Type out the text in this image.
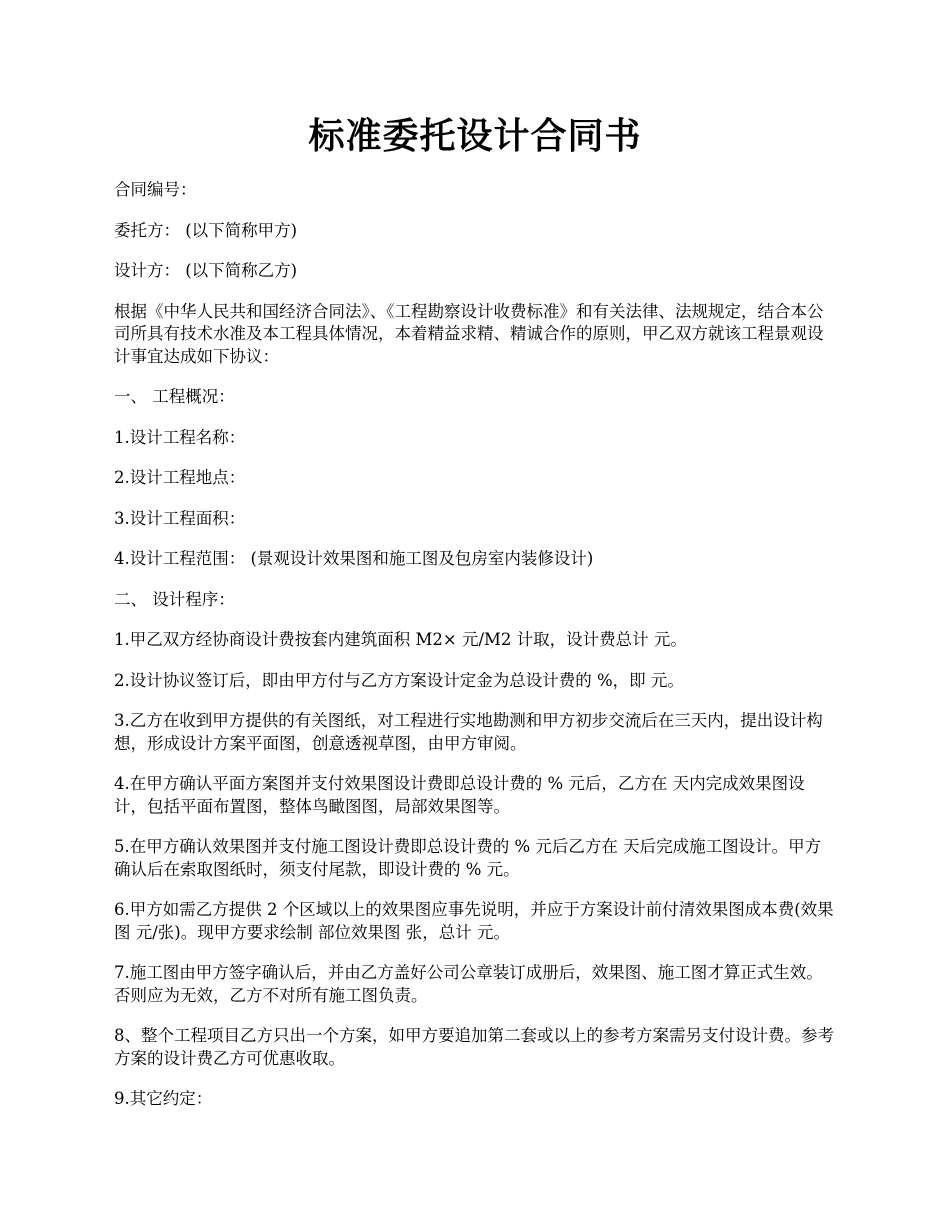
标准委托设计合同书

合同编号：

委托方： (以下简称甲方)

设计方： (以下简称乙方)

根据《中华人民共和国经济合同法》、《工程勘察设计收费标准》和有关法律、法规规定，结合本公司所具有技术水准及本工程具体情况，本着精益求精、精诚合作的原则，甲乙双方就该工程景观设计事宜达成如下协议：

一、 工程概况：

1.设计工程名称：

2.设计工程地点：

3.设计工程面积：

4.设计工程范围： (景观设计效果图和施工图及包房室内装修设计)

二、 设计程序：

1.甲乙双方经协商设计费按套内建筑面积 M2× 元/M2 计取，设计费总计 元。

2.设计协议签订后，即由甲方付与乙方方案设计定金为总设计费的 %，即 元。

3.乙方在收到甲方提供的有关图纸，对工程进行实地勘测和甲方初步交流后在三天内，提出设计构想，形成设计方案平面图，创意透视草图，由甲方审阅。

4.在甲方确认平面方案图并支付效果图设计费即总设计费的 % 元后，乙方在 天内完成效果图设计，包括平面布置图，整体鸟瞰图图，局部效果图等。

5.在甲方确认效果图并支付施工图设计费即总设计费的 % 元后乙方在 天后完成施工图设计。甲方确认后在索取图纸时，须支付尾款，即设计费的 % 元。

6.甲方如需乙方提供 2 个区域以上的效果图应事先说明，并应于方案设计前付清效果图成本费(效果图 元/张)。现甲方要求绘制 部位效果图 张，总计 元。

7.施工图由甲方签字确认后，并由乙方盖好公司公章装订成册后，效果图、施工图才算正式生效。否则应为无效，乙方不对所有施工图负责。

8、整个工程项目乙方只出一个方案，如甲方要追加第二套或以上的参考方案需另支付设计费。参考方案的设计费乙方可优惠收取。

9.其它约定：
